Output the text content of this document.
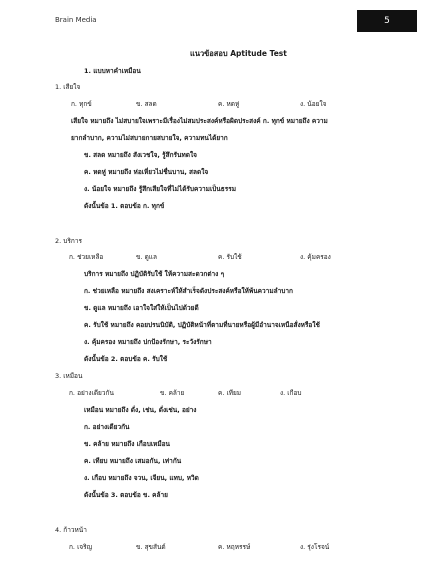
Brain Media	5
แนวข้อสอบ Aptitude Test
1. แบบหาคำเหมือน
1. เสียใจ
ก. ทุกข์	ข. สลด	ค. หดหู่	ง. น้อยใจ
เสียใจ หมายถึง ไม่สบายใจเพราะมีเรื่องไม่สมประสงค์หรือผิดประสงค์ ก. ทุกข์ หมายถึง ความ
ยากลำบาก, ความไม่สบายกายสบายใจ, ความทนได้ยาก
ข. สลด หมายถึง สังเวชใจ, รู้สึกรันทดใจ
ค. หดหู่ หมายถึง ห่อเหี่ยวไม่ชื่นบาน, สลดใจ
ง. น้อยใจ หมายถึง รู้สึกเสียใจที่ไม่ได้รับความเป็นธรรม
ดังนั้นข้อ 1. ตอบข้อ ก. ทุกข์
2. บริการ
ก. ช่วยเหลือ	ข. ดูแล	ค. รับใช้	ง. คุ้มครอง
บริการ หมายถึง ปฏิบัติรับใช้ ให้ความสะดวกต่าง ๆ
ก. ช่วยเหลือ หมายถึง สงเคราะห์ให้สำเร็จดังประสงค์หรือให้พ้นความลำบาก
ข. ดูแล หมายถึง เอาใจใส่ให้เป็นไปด้วยดี
ค. รับใช้ หมายถึง คอยปรนนิบัติ, ปฏิบัติหน้าที่ตามที่นายหรือผู้มีอำนาจเหนือสั่งหรือใช้
ง. คุ้มครอง หมายถึง ปกป้องรักษา, ระวังรักษา
ดังนั้นข้อ 2. ตอบข้อ ค. รับใช้
3. เหมือน
ก. อย่างเดียวกัน	ข. คล้าย	ค. เทียม	ง. เกือบ
เหมือน หมายถึง ดั่ง, เช่น, ดั่งเช่น, อย่าง
ก. อย่างเดียวกัน
ข. คล้าย หมายถึง เกือบเหมือน
ค. เทียบ หมายถึง เสมอกัน, เท่ากัน
ง. เกือบ หมายถึง จวน, เจียน, แทบ, หวิด
ดังนั้นข้อ 3. ตอบข้อ ข. คล้าย
4. ก้าวหน้า
ก. เจริญ	ข. สุขสันต์	ค. หฤหรรษ์	ง. รุ่งโรจน์
